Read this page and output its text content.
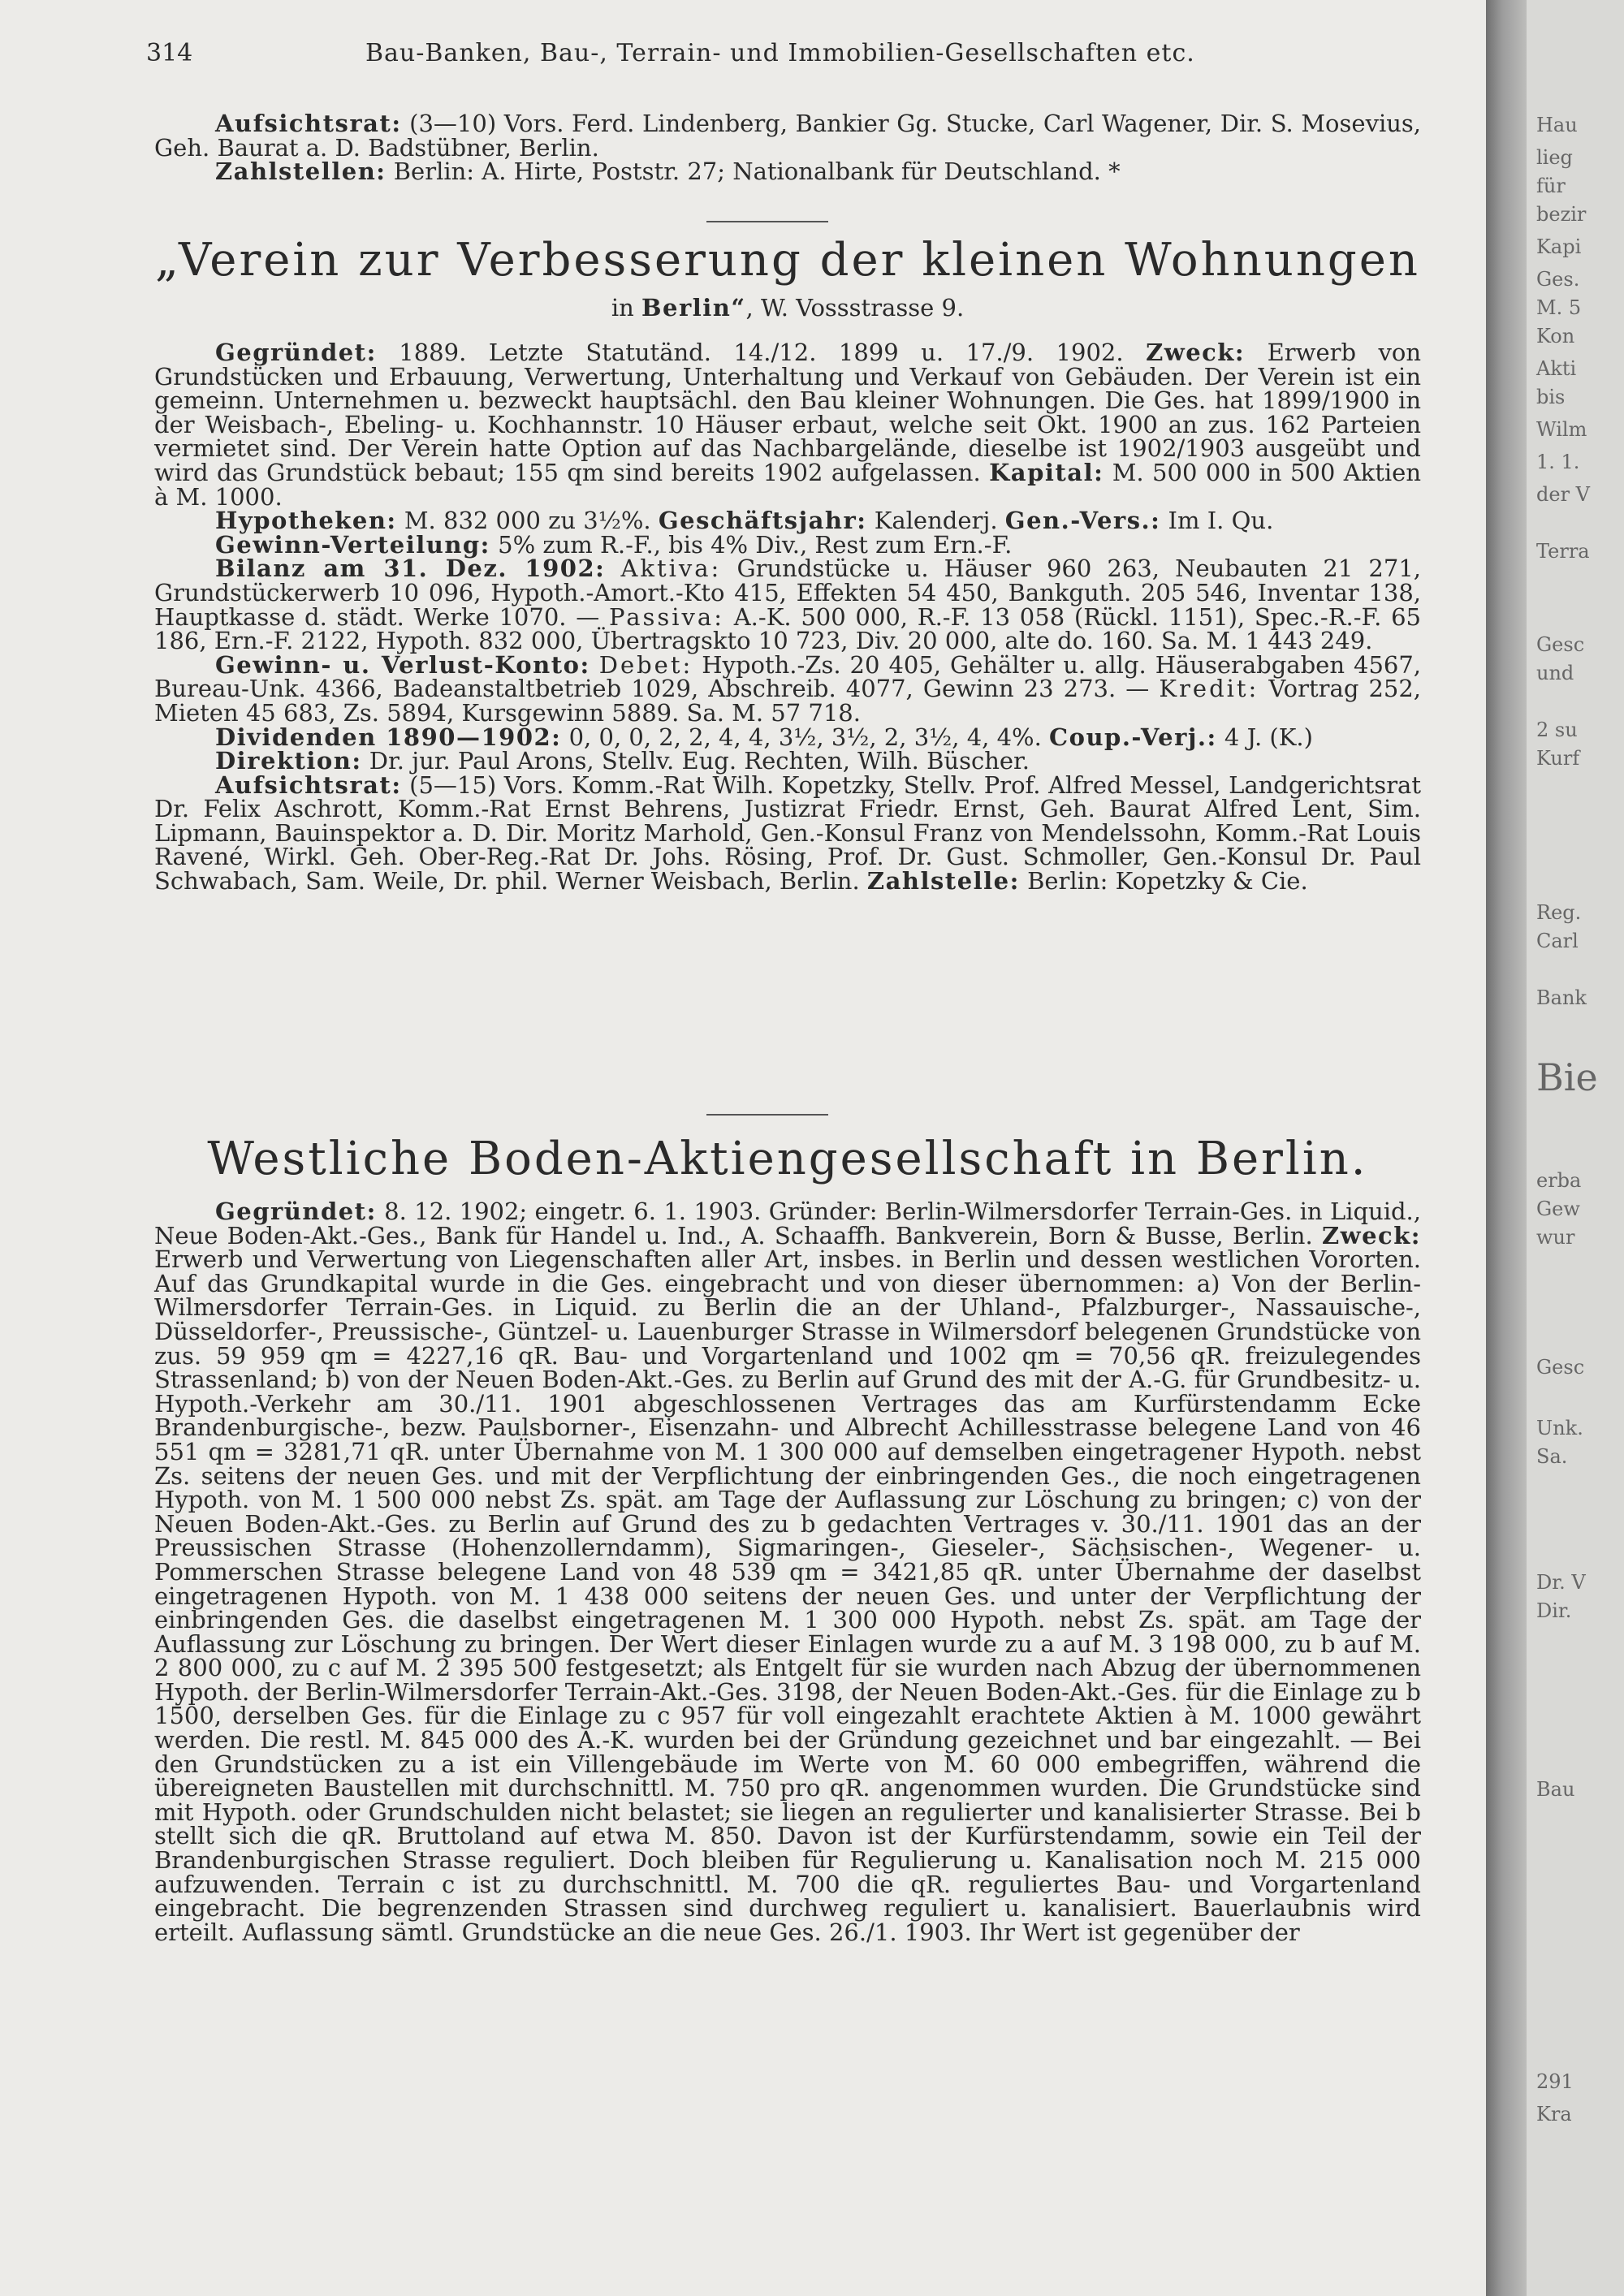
Hau
lieg
für
bezir
Kapi
Ges.
M. 5
Kon
Akti
bis
Wilm
1. 1.
der V
Terra
Gesc
und
2 su
Kurf
Reg.
Carl
Bank
Bie
erba
Gew
wur
Gesc
Unk.
Sa.
Dr. V
Dir.
Bau
291
Kra
314	Bau-Banken, Bau-, Terrain- und Immobilien-Gesellschaften etc.

Aufsichtsrat: (3—10) Vors. Ferd. Lindenberg, Bankier Gg. Stucke, Carl Wagener, Dir. S. Mosevius, Geh. Baurat a. D. Badstübner, Berlin.

Zahlstellen: Berlin: A. Hirte, Poststr. 27; Nationalbank für Deutschland. *

„Verein zur Verbesserung der kleinen Wohnungen
in Berlin“, W. Vossstrasse 9.

Gegründet: 1889. Letzte Statutänd. 14./12. 1899 u. 17./9. 1902. Zweck: Erwerb von Grundstücken und Erbauung, Verwertung, Unterhaltung und Verkauf von Gebäuden. Der Verein ist ein gemeinn. Unternehmen u. bezweckt hauptsächl. den Bau kleiner Wohnungen. Die Ges. hat 1899/1900 in der Weisbach-, Ebeling- u. Kochhannstr. 10 Häuser erbaut, welche seit Okt. 1900 an zus. 162 Parteien vermietet sind. Der Verein hatte Option auf das Nachbargelände, dieselbe ist 1902/1903 ausgeübt und wird das Grundstück bebaut; 155 qm sind bereits 1902 aufgelassen. Kapital: M. 500 000 in 500 Aktien à M. 1000.

Hypotheken: M. 832 000 zu 3½%. Geschäftsjahr: Kalenderj. Gen.-Vers.: Im I. Qu.

Gewinn-Verteilung: 5% zum R.-F., bis 4% Div., Rest zum Ern.-F.

Bilanz am 31. Dez. 1902: Aktiva: Grundstücke u. Häuser 960 263, Neubauten 21 271, Grundstückerwerb 10 096, Hypoth.-Amort.-Kto 415, Effekten 54 450, Bankguth. 205 546, Inventar 138, Hauptkasse d. städt. Werke 1070. — Passiva: A.-K. 500 000, R.-F. 13 058 (Rückl. 1151), Spec.-R.-F. 65 186, Ern.-F. 2122, Hypoth. 832 000, Übertragskto 10 723, Div. 20 000, alte do. 160. Sa. M. 1 443 249.

Gewinn- u. Verlust-Konto: Debet: Hypoth.-Zs. 20 405, Gehälter u. allg. Häuserabgaben 4567, Bureau-Unk. 4366, Badeanstaltbetrieb 1029, Abschreib. 4077, Gewinn 23 273. — Kredit: Vortrag 252, Mieten 45 683, Zs. 5894, Kursgewinn 5889. Sa. M. 57 718.

Dividenden 1890—1902: 0, 0, 0, 2, 2, 4, 4, 3½, 3½, 2, 3½, 4, 4%. Coup.-Verj.: 4 J. (K.)

Direktion: Dr. jur. Paul Arons, Stellv. Eug. Rechten, Wilh. Büscher.

Aufsichtsrat: (5—15) Vors. Komm.-Rat Wilh. Kopetzky, Stellv. Prof. Alfred Messel, Landgerichtsrat Dr. Felix Aschrott, Komm.-Rat Ernst Behrens, Justizrat Friedr. Ernst, Geh. Baurat Alfred Lent, Sim. Lipmann, Bauinspektor a. D. Dir. Moritz Marhold, Gen.-Konsul Franz von Mendelssohn, Komm.-Rat Louis Ravené, Wirkl. Geh. Ober-Reg.-Rat Dr. Johs. Rösing, Prof. Dr. Gust. Schmoller, Gen.-Konsul Dr. Paul Schwabach, Sam. Weile, Dr. phil. Werner Weisbach, Berlin. Zahlstelle: Berlin: Kopetzky & Cie.

Westliche Boden-Aktiengesellschaft in Berlin.

Gegründet: 8. 12. 1902; eingetr. 6. 1. 1903. Gründer: Berlin-Wilmersdorfer Terrain-Ges. in Liquid., Neue Boden-Akt.-Ges., Bank für Handel u. Ind., A. Schaaffh. Bankverein, Born & Busse, Berlin. Zweck: Erwerb und Verwertung von Liegenschaften aller Art, insbes. in Berlin und dessen westlichen Vororten. Auf das Grundkapital wurde in die Ges. eingebracht und von dieser übernommen: a) Von der Berlin-Wilmersdorfer Terrain-Ges. in Liquid. zu Berlin die an der Uhland-, Pfalzburger-, Nassauische-, Düsseldorfer-, Preussische-, Güntzel- u. Lauenburger Strasse in Wilmersdorf belegenen Grundstücke von zus. 59 959 qm = 4227,16 qR. Bau- und Vorgartenland und 1002 qm = 70,56 qR. freizulegendes Strassenland; b) von der Neuen Boden-Akt.-Ges. zu Berlin auf Grund des mit der A.-G. für Grundbesitz- u. Hypoth.-Verkehr am 30./11. 1901 abgeschlossenen Vertrages das am Kurfürstendamm Ecke Brandenburgische-, bezw. Paulsborner-, Eisenzahn- und Albrecht Achillesstrasse belegene Land von 46 551 qm = 3281,71 qR. unter Übernahme von M. 1 300 000 auf demselben eingetragener Hypoth. nebst Zs. seitens der neuen Ges. und mit der Verpflichtung der einbringenden Ges., die noch eingetragenen Hypoth. von M. 1 500 000 nebst Zs. spät. am Tage der Auflassung zur Löschung zu bringen; c) von der Neuen Boden-Akt.-Ges. zu Berlin auf Grund des zu b gedachten Vertrages v. 30./11. 1901 das an der Preussischen Strasse (Hohenzollerndamm), Sigmaringen-, Gieseler-, Sächsischen-, Wegener- u. Pommerschen Strasse belegene Land von 48 539 qm = 3421,85 qR. unter Übernahme der daselbst eingetragenen Hypoth. von M. 1 438 000 seitens der neuen Ges. und unter der Verpflichtung der einbringenden Ges. die daselbst eingetragenen M. 1 300 000 Hypoth. nebst Zs. spät. am Tage der Auflassung zur Löschung zu bringen. Der Wert dieser Einlagen wurde zu a auf M. 3 198 000, zu b auf M. 2 800 000, zu c auf M. 2 395 500 festgesetzt; als Entgelt für sie wurden nach Abzug der übernommenen Hypoth. der Berlin-Wilmersdorfer Terrain-Akt.-Ges. 3198, der Neuen Boden-Akt.-Ges. für die Einlage zu b 1500, derselben Ges. für die Einlage zu c 957 für voll eingezahlt erachtete Aktien à M. 1000 gewährt werden. Die restl. M. 845 000 des A.-K. wurden bei der Gründung gezeichnet und bar eingezahlt. — Bei den Grundstücken zu a ist ein Villengebäude im Werte von M. 60 000 embegriffen, während die übereigneten Baustellen mit durchschnittl. M. 750 pro qR. angenommen wurden. Die Grundstücke sind mit Hypoth. oder Grundschulden nicht belastet; sie liegen an regulierter und kanalisierter Strasse. Bei b stellt sich die qR. Bruttoland auf etwa M. 850. Davon ist der Kurfürstendamm, sowie ein Teil der Brandenburgischen Strasse reguliert. Doch bleiben für Regulierung u. Kanalisation noch M. 215 000 aufzuwenden. Terrain c ist zu durchschnittl. M. 700 die qR. reguliertes Bau- und Vorgartenland eingebracht. Die begrenzenden Strassen sind durchweg reguliert u. kanalisiert. Bauerlaubnis wird erteilt. Auflassung sämtl. Grundstücke an die neue Ges. 26./1. 1903. Ihr Wert ist gegenüber der
